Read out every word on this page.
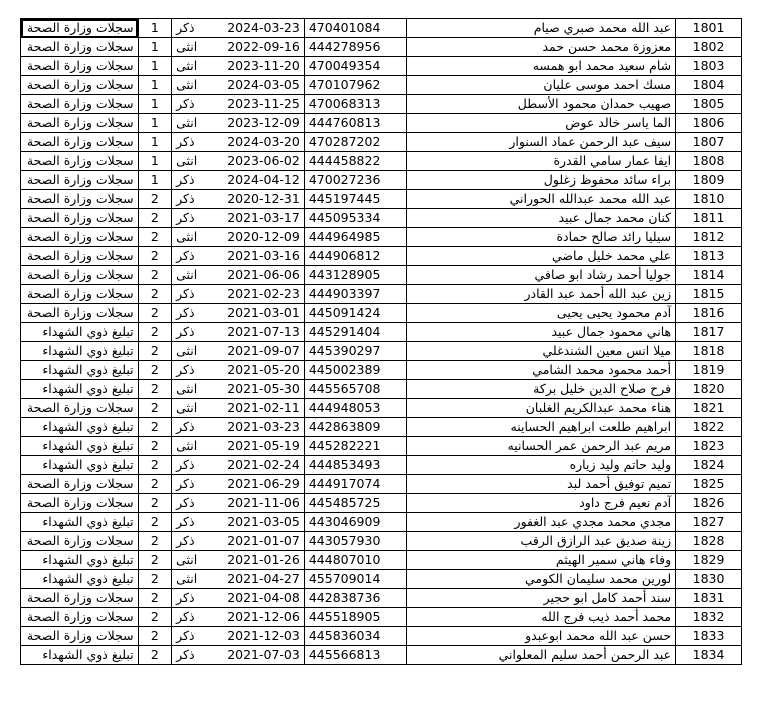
سجلات وزارة الصحة	1	ذكر	2024-03-23	470401084	عبد الله محمد صبري صيام	1801
سجلات وزارة الصحة	1	انثى	2022-09-16	444278956	معزوزة محمد حسن حمد	1802
سجلات وزارة الصحة	1	انثى	2023-11-20	470049354	شام سعيد محمد ابو همسه	1803
سجلات وزارة الصحة	1	انثى	2024-03-05	470107962	مسك احمد موسى عليان	1804
سجلات وزارة الصحة	1	ذكر	2023-11-25	470068313	صهيب حمدان محمود الأسطل	1805
سجلات وزارة الصحة	1	انثى	2023-12-09	444760813	الما ياسر خالد عوض	1806
سجلات وزارة الصحة	1	ذكر	2024-03-20	470287202	سيف عبد الرحمن عماد السنوار	1807
سجلات وزارة الصحة	1	انثى	2023-06-02	444458822	ايفا عمار سامي القدرة	1808
سجلات وزارة الصحة	1	ذكر	2024-04-12	470027236	براء سائد محفوظ زغلول	1809
سجلات وزارة الصحة	2	ذكر	2020-12-31	445197445	عبد الله محمد عبدالله الحوراني	1810
سجلات وزارة الصحة	2	ذكر	2021-03-17	445095334	كنان محمد جمال عبيد	1811
سجلات وزارة الصحة	2	انثى	2020-12-09	444964985	سيليا رائد صالح حمادة	1812
سجلات وزارة الصحة	2	ذكر	2021-03-16	444906812	علي محمد خليل ماضي	1813
سجلات وزارة الصحة	2	انثى	2021-06-06	443128905	جوليا أحمد رشاد ابو صافي	1814
سجلات وزارة الصحة	2	ذكر	2021-02-23	444903397	زين عبد الله أحمد عبد القادر	1815
سجلات وزارة الصحة	2	ذكر	2021-03-01	445091424	آدم محمود يحيى يحيى	1816
تبليغ ذوي الشهداء	2	ذكر	2021-07-13	445291404	هاني محمود جمال عبيد	1817
تبليغ ذوي الشهداء	2	انثى	2021-09-07	445390297	ميلا انس معين الشندغلي	1818
تبليغ ذوي الشهداء	2	ذكر	2021-05-20	445002389	أحمد محمود محمد الشامي	1819
تبليغ ذوي الشهداء	2	انثى	2021-05-30	445565708	فرح صلاح الدين خليل بركة	1820
سجلات وزارة الصحة	2	انثى	2021-02-11	444948053	هناء محمد عبدالكريم الغلبان	1821
تبليغ ذوي الشهداء	2	ذكر	2021-03-23	442863809	ابراهيم طلعت ابراهيم الحساينه	1822
تبليغ ذوي الشهداء	2	انثى	2021-05-19	445282221	مريم عبد الرحمن عمر الحسانيه	1823
تبليغ ذوي الشهداء	2	ذكر	2021-02-24	444853493	وليد حاتم وليد زياره	1824
سجلات وزارة الصحة	2	ذكر	2021-06-29	444917074	تميم توفيق أحمد لبد	1825
سجلات وزارة الصحة	2	ذكر	2021-11-06	445485725	آدم نعيم فرج داود	1826
تبليغ ذوي الشهداء	2	ذكر	2021-03-05	443046909	مجدي محمد مجدي عبد الغفور	1827
سجلات وزارة الصحة	2	ذكر	2021-01-07	443057930	زينة صديق عبد الرازق الرقب	1828
تبليغ ذوي الشهداء	2	انثى	2021-01-26	444807010	وفاء هاني سمير الهيثم	1829
تبليغ ذوي الشهداء	2	انثى	2021-04-27	455709014	لورين محمد سليمان الكومي	1830
سجلات وزارة الصحة	2	ذكر	2021-04-08	442838736	سند أحمد كامل ابو حجير	1831
سجلات وزارة الصحة	2	ذكر	2021-12-06	445518905	محمد أحمد ذيب فرج الله	1832
سجلات وزارة الصحة	2	ذكر	2021-12-03	445836034	حسن عبد الله محمد ابوعبدو	1833
تبليغ ذوي الشهداء	2	ذكر	2021-07-03	445566813	عبد الرحمن أحمد سليم المعلواني	1834
